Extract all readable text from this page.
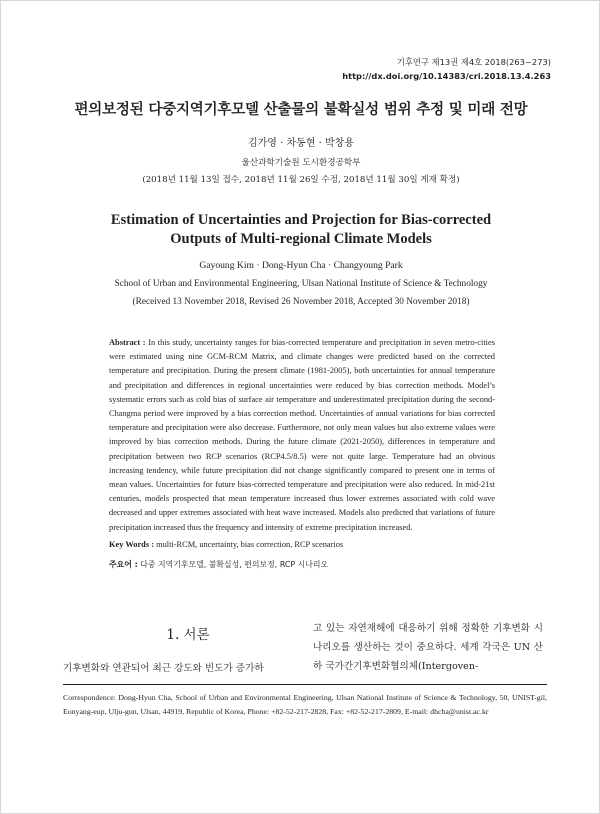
기후연구 제13권 제4호 2018(263~273)
http://dx.doi.org/10.14383/cri.2018.13.4.263
편의보정된 다중지역기후모델 산출물의 불확실성 범위 추정 및 미래 전망
김가영 · 차동현 · 박창용
울산과학기술원 도시환경공학부
(2018년 11월 13일 접수, 2018년 11월 26일 수정, 2018년 11월 30일 게재 확정)
Estimation of Uncertainties and Projection for Bias-corrected
Outputs of Multi-regional Climate Models
Gayoung Kim · Dong-Hyun Cha · Changyoung Park
School of Urban and Environmental Engineering, Ulsan National Institute of Science & Technology
(Received 13 November 2018, Revised 26 November 2018, Accepted 30 November 2018)
Abstract : In this study, uncertainty ranges for bias-corrected temperature and precipitation in seven metro-cities were estimated using nine GCM-RCM Matrix, and climate changes were predicted based on the corrected temperature and precipitation. During the present climate (1981-2005), both uncertainties for annual temperature and precipitation and differences in regional uncertainties were reduced by bias correction methods. Model’s systematic errors such as cold bias of surface air temperature and underestimated precipitation during the second-Changma period were improved by a bias correction method. Uncertainties of annual variations for bias corrected temperature and precipitation were also decrease. Furthermore, not only mean values but also extreme values were improved by bias correction methods. During the future climate (2021-2050), differences in temperature and precipitation between two RCP scenarios (RCP4.5/8.5) were not quite large. Temperature had an obvious increasing tendency, while future precipitation did not change significantly compared to present one in terms of mean values. Uncertainties for future bias-corrected temperature and precipitation were also reduced. In mid-21st centuries, models prospected that mean temperature increased thus lower extremes associated with cold wave decreased and upper extremes associated with heat wave increased. Models also predicted that variations of future precipitation increased thus the frequency and intensity of extreme precipitation increased.
Key Words : multi-RCM, uncertainty, bias correction, RCP scenarios
주요어 : 다중 지역기후모델, 불확실성, 편의보정, RCP 시나리오
1. 서론
기후변화와 연관되어 최근 강도와 빈도가 증가하
고 있는 자연재해에 대응하기 위해 정확한 기후변화 시나리오를 생산하는 것이 중요하다. 세계 각국은 UN 산하 국가간기후변화협의체(Intergoven-
Correspondence: Dong-Hyun Cha, School of Urban and Environmental Engineering, Ulsan National Institute of Science & Technology, 50, UNIST-gil, Eonyang-eup, Ulju-gun, Ulsan, 44919, Republic of Korea, Phone: +82-52-217-2828, Fax: +82-52-217-2809, E-mail: dhcha@unist.ac.kr
